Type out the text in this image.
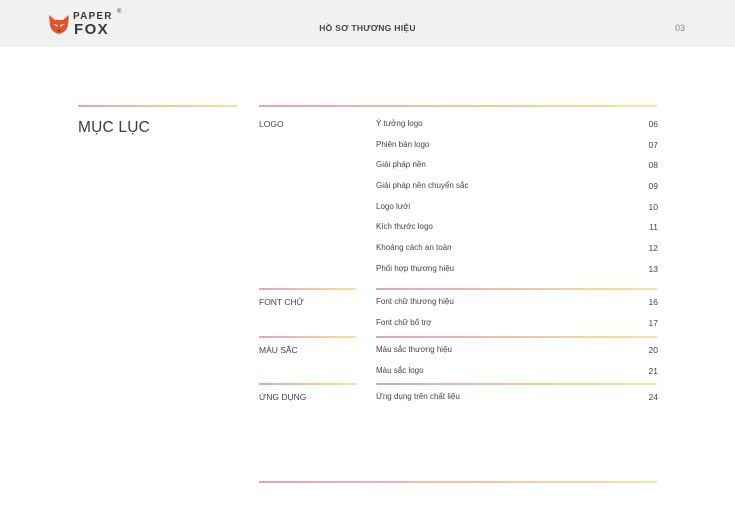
PAPER
FOX
®
HỒ SƠ THƯƠNG HIỆU	03
MỤC LỤC	LOGO	Ý tưởng logo	06
Phiên bản logo	07
Giải pháp nền	08
Giải pháp nền chuyển sắc	09
Logo lưới	10
Kích thước logo	11
Khoảng cách an toàn	12
Phối hợp thương hiệu	13
FONT CHỮ	Font chữ thương hiệu	16
Font chữ bổ trợ	17
MÀU SẮC	Màu sắc thương hiệu	20
Màu sắc logo	21
ỨNG DỤNG	Ứng dụng trên chất liệu	24
